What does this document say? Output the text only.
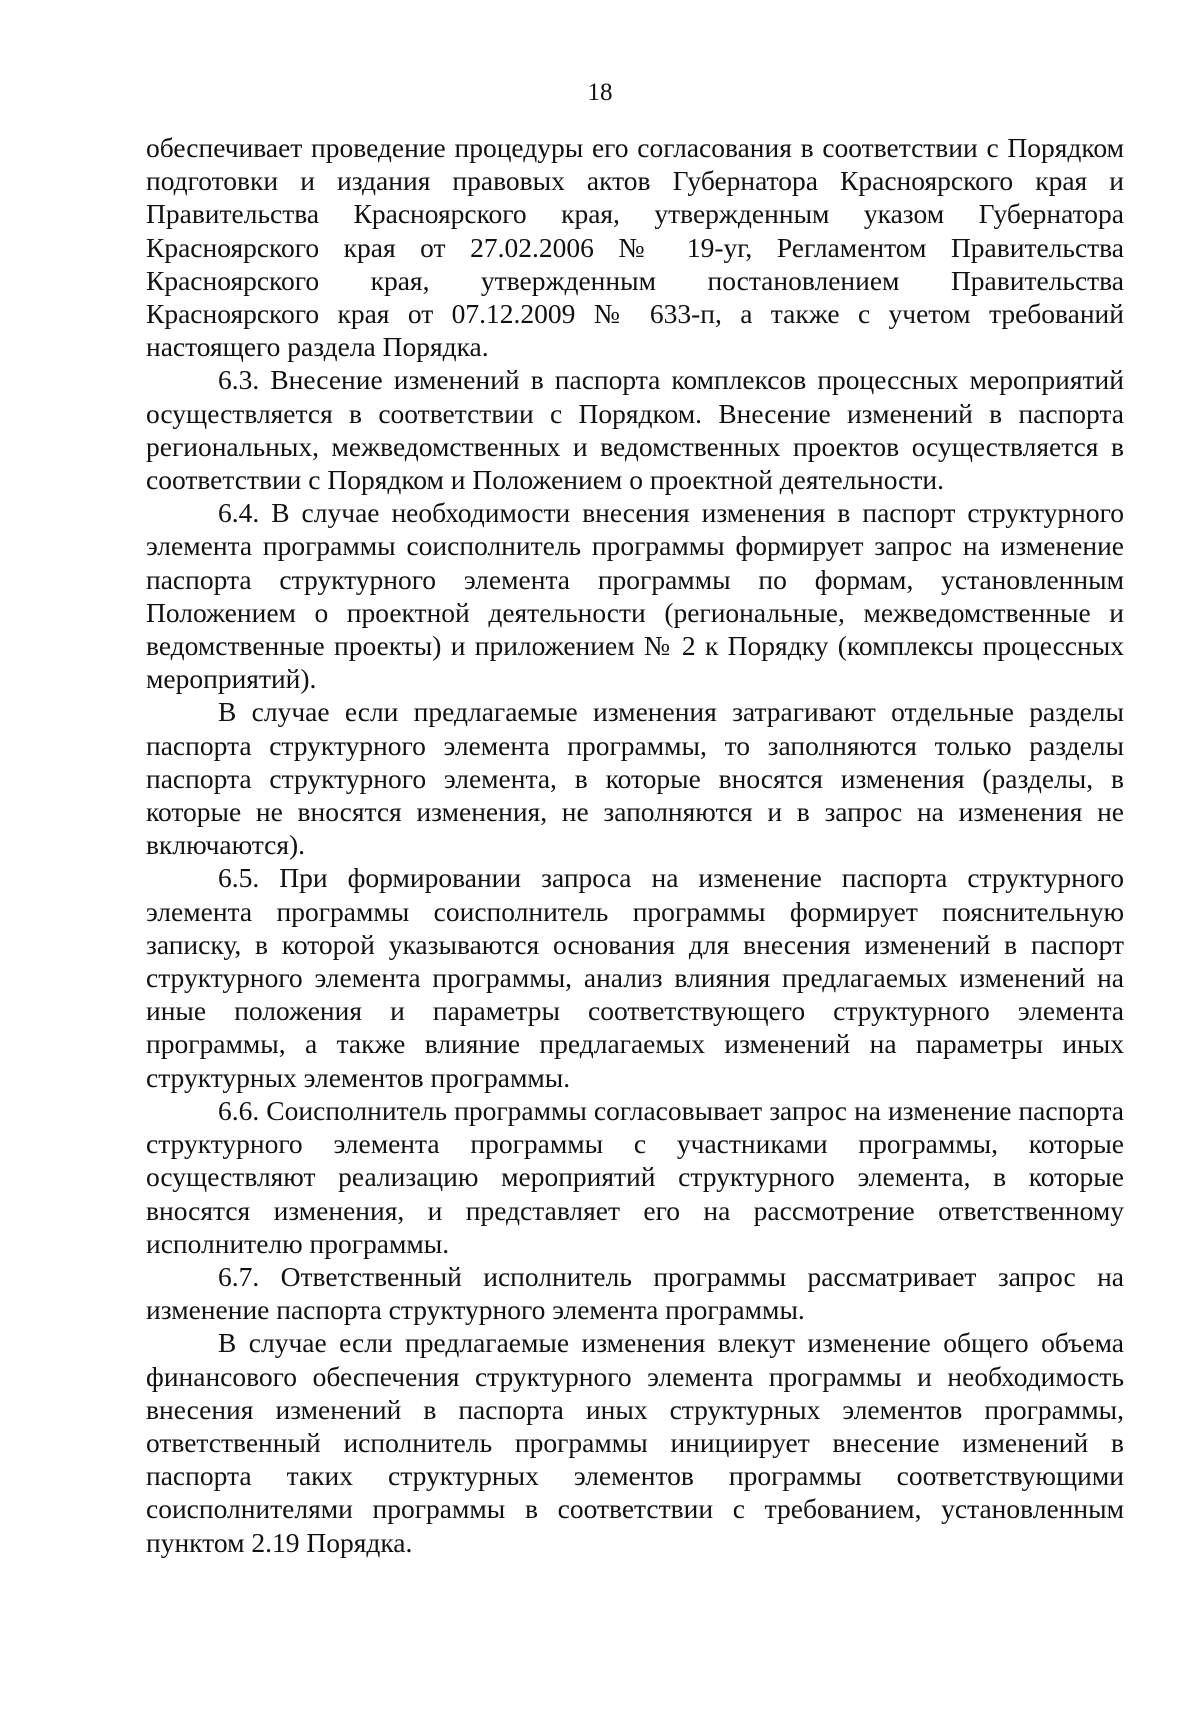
18

обеспечивает проведение процедуры его согласования в соответствии с Порядком подготовки и издания правовых актов Губернатора Красноярского края и Правительства Красноярского края, утвержденным указом Губернатора Красноярского края от 27.02.2006 № 19-уг, Регламентом Правительства Красноярского края, утвержденным постановлением Правительства Красноярского края от 07.12.2009 № 633-п, а также с учетом требований настоящего раздела Порядка.

6.3. Внесение изменений в паспорта комплексов процессных мероприятий осуществляется в соответствии с Порядком. Внесение изменений в паспорта региональных, межведомственных и ведомственных проектов осуществляется в соответствии с Порядком и Положением о проектной деятельности.

6.4. В случае необходимости внесения изменения в паспорт структурного элемента программы соисполнитель программы формирует запрос на изменение паспорта структурного элемента программы по формам, установленным Положением о проектной деятельности (региональные, межведомственные и ведомственные проекты) и приложением № 2 к Порядку (комплексы процессных мероприятий).

В случае если предлагаемые изменения затрагивают отдельные разделы паспорта структурного элемента программы, то заполняются только разделы паспорта структурного элемента, в которые вносятся изменения (разделы, в которые не вносятся изменения, не заполняются и в запрос на изменения не включаются).

6.5. При формировании запроса на изменение паспорта структурного элемента программы соисполнитель программы формирует пояснительную записку, в которой указываются основания для внесения изменений в паспорт структурного элемента программы, анализ влияния предлагаемых изменений на иные положения и параметры соответствующего структурного элемента программы, а также влияние предлагаемых изменений на параметры иных структурных элементов программы.

6.6. Соисполнитель программы согласовывает запрос на изменение паспорта структурного элемента программы с участниками программы, которые осуществляют реализацию мероприятий структурного элемента, в которые вносятся изменения, и представляет его на рассмотрение ответственному исполнителю программы.

6.7. Ответственный исполнитель программы рассматривает запрос на изменение паспорта структурного элемента программы.

В случае если предлагаемые изменения влекут изменение общего объема финансового обеспечения структурного элемента программы и необходимость внесения изменений в паспорта иных структурных элементов программы, ответственный исполнитель программы инициирует внесение изменений в паспорта таких структурных элементов программы соответствующими соисполнителями программы в соответствии с требованием, установленным пунктом 2.19 Порядка.
